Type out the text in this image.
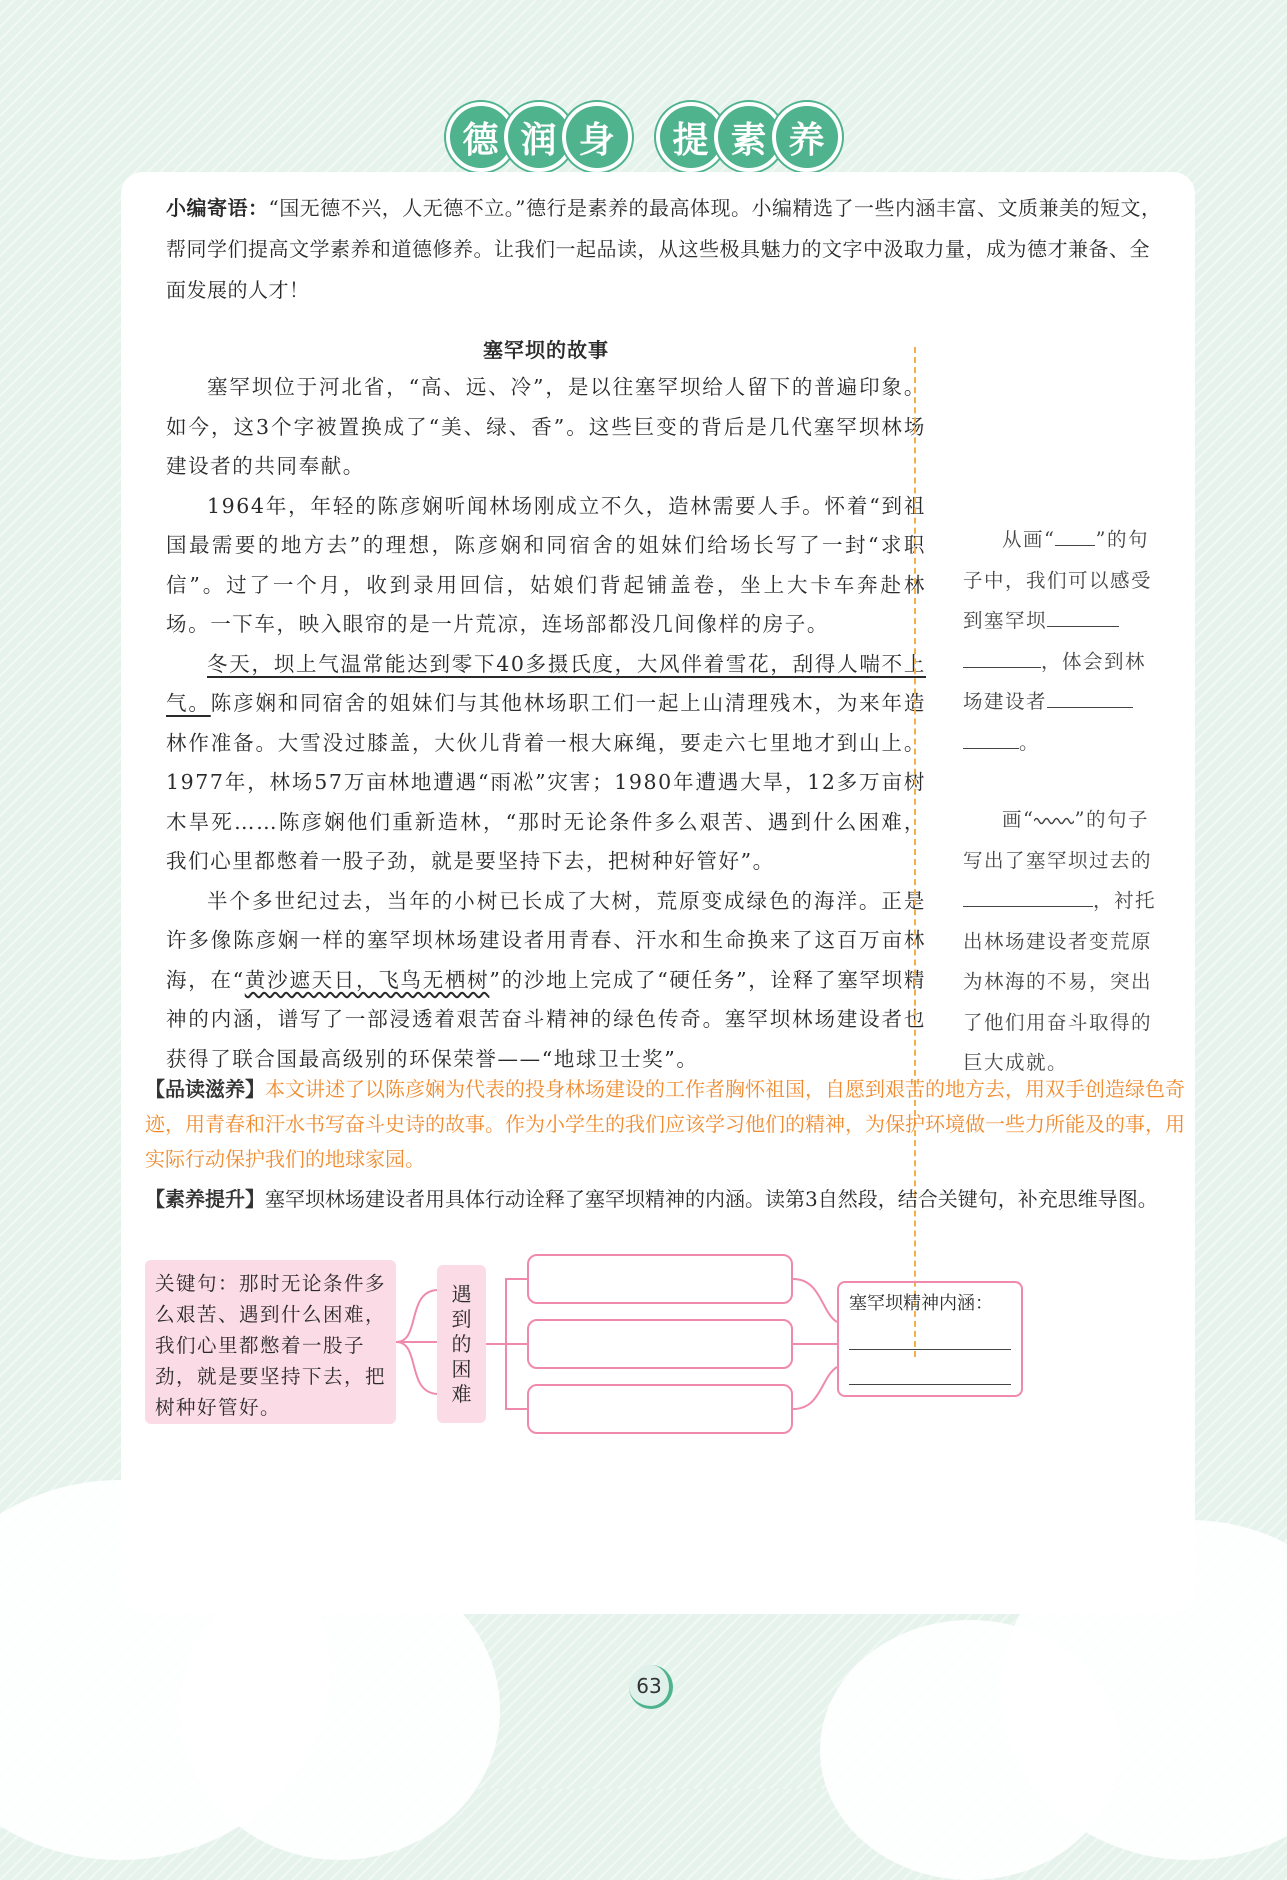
德 润 身	提 素 养
小编寄语：“国无德不兴，人无德不立。”德行是素养的最高体现。小编精选了一些内涵丰富、文质兼美的短文，帮同学们提高文学素养和道德修养。让我们一起品读，从这些极具魅力的文字中汲取力量，成为德才兼备、全面发展的人才！
塞罕坝的故事

塞罕坝位于河北省，“高、远、冷”，是以往塞罕坝给人留下的普遍印象。如今，这3个字被置换成了“美、绿、香”。这些巨变的背后是几代塞罕坝林场建设者的共同奉献。

1964年，年轻的陈彦娴听闻林场刚成立不久，造林需要人手。怀着“到祖国最需要的地方去”的理想，陈彦娴和同宿舍的姐妹们给场长写了一封“求职信”。过了一个月，收到录用回信，姑娘们背起铺盖卷，坐上大卡车奔赴林场。一下车，映入眼帘的是一片荒凉，连场部都没几间像样的房子。

冬天，坝上气温常能达到零下40多摄氏度，大风伴着雪花，刮得人喘不上气。陈彦娴和同宿舍的姐妹们与其他林场职工们一起上山清理残木，为来年造林作准备。大雪没过膝盖，大伙儿背着一根大麻绳，要走六七里地才到山上。1977年，林场57万亩林地遭遇“雨凇”灾害；1980年遭遇大旱，12多万亩树木旱死……陈彦娴他们重新造林，“那时无论条件多么艰苦、遇到什么困难，我们心里都憋着一股子劲，就是要坚持下去，把树种好管好”。

半个多世纪过去，当年的小树已长成了大树，荒原变成绿色的海洋。正是许多像陈彦娴一样的塞罕坝林场建设者用青春、汗水和生命换来了这百万亩林海，在“黄沙遮天日，飞鸟无栖树”的沙地上完成了“硬任务”，诠释了塞罕坝精神的内涵，谱写了一部浸透着艰苦奋斗精神的绿色传奇。塞罕坝林场建设者也获得了联合国最高级别的环保荣誉——“地球卫士奖”。

从画“ ”的句子中，我们可以感受到塞罕坝
，体会到林场建设者
。

画“ ”的句子写出了塞罕坝过去的，衬托出林场建设者变荒原为林海的不易，突出了他们用奋斗取得的巨大成就。

【品读滋养】本文讲述了以陈彦娴为代表的投身林场建设的工作者胸怀祖国，自愿到艰苦的地方去，用双手创造绿色奇迹，用青春和汗水书写奋斗史诗的故事。作为小学生的我们应该学习他们的精神，为保护环境做一些力所能及的事，用实际行动保护我们的地球家园。
【素养提升】塞罕坝林场建设者用具体行动诠释了塞罕坝精神的内涵。读第3自然段，结合关键句，补充思维导图。
关键句：那时无论条件多么艰苦、遇到什么困难，我们心里都憋着一股子劲，就是要坚持下去，把树种好管好。
遇
到
的
困
难
塞罕坝精神内涵：
63
